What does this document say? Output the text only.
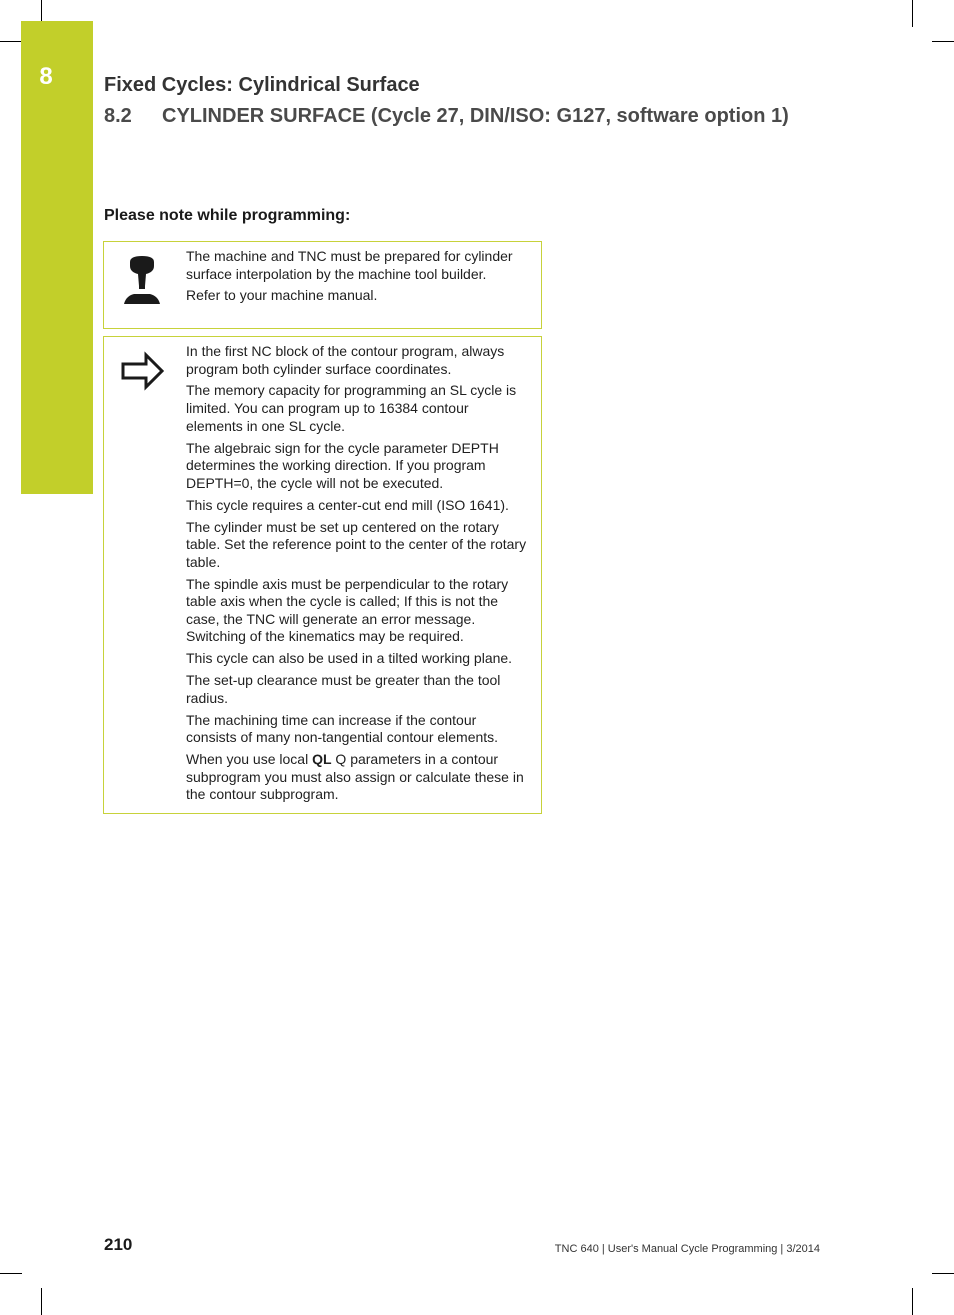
8	Fixed Cycles: Cylindrical Surface
8.2 CYLINDER SURFACE (Cycle 27, DIN/ISO: G127, software option 1)
Please note while programming:

The machine and TNC must be prepared for cylinder surface interpolation by the machine tool builder.

Refer to your machine manual.

In the first NC block of the contour program, always program both cylinder surface coordinates.

The memory capacity for programming an SL cycle is limited. You can program up to 16384 contour elements in one SL cycle.

The algebraic sign for the cycle parameter DEPTH determines the working direction. If you program DEPTH=0, the cycle will not be executed.

This cycle requires a center-cut end mill (ISO 1641).

The cylinder must be set up centered on the rotary table. Set the reference point to the center of the rotary table.

The spindle axis must be perpendicular to the rotary table axis when the cycle is called; If this is not the case, the TNC will generate an error message. Switching of the kinematics may be required.

This cycle can also be used in a tilted working plane.

The set-up clearance must be greater than the tool radius.

The machining time can increase if the contour consists of many non-tangential contour elements.

When you use local QL Q parameters in a contour subprogram you must also assign or calculate these in the contour subprogram.

210	TNC 640 | User's Manual Cycle Programming | 3/2014
